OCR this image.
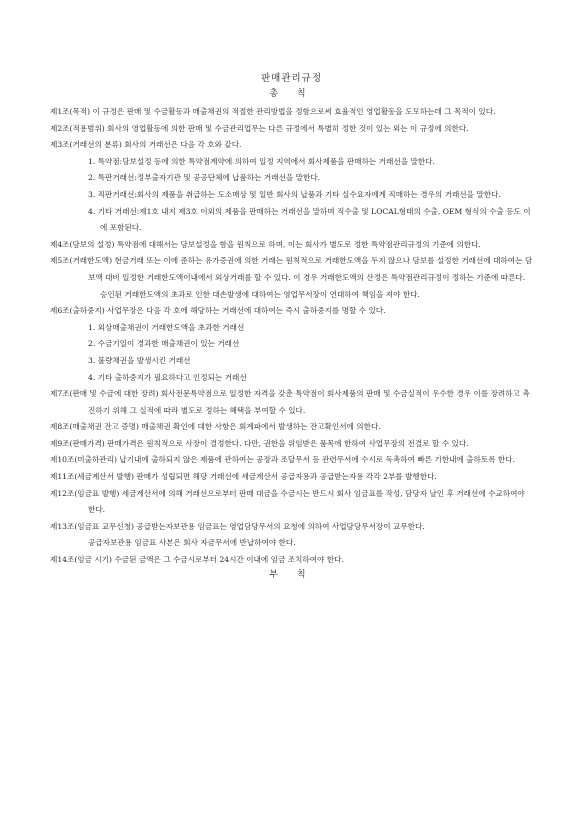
판매관리규정
총 칙

제1조(목적) 이 규정은 판매 및 수금활동과 매출채권의 적절한 관리방법을 정함으로써 효율적인 영업활동을 도모하는데 그 목적이 있다.

제2조(적용범위) 회사의 영업활동에 의한 판매 및 수금관리업무는 다른 규정에서 특별히 정한 것이 있는 외는 이 규정에 의한다.

제3조(거래선의 분류) 회사의 거래선은 다음 각 호와 같다.

1. 특약점:담보설정 등에 의한 특약점계약에 의하여 일정 지역에서 회사제품을 판매하는 거래선을 말한다.

2. 특판거래선:정부출자기관 및 공공단체에 납품하는 거래선을 말한다.

3. 직판거래선:회사의 제품을 취급하는 도소매상 및 일반 회사의 납품과 기타 실수요자에게 직매하는 경우의 거래선을 말한다.

4. 기타 거래선:제1호 내지 제3호 이외의 제품을 판매하는 거래선을 말하며 직수출 및 LOCAL형태의 수출, OEM 형식의 수출 등도 이에 포함된다.

제4조(담보의 설정) 특약점에 대해서는 담보설정을 함을 원칙으로 하며, 이는 회사가 별도로 정한 특약점관리규정의 기준에 의한다.

제5조(거래한도액) 현금거래 또는 이에 준하는 유가증권에 의한 거래는 원칙적으로 거래한도액을 두지 않으나 담보를 설정한 거래선에 대하여는 담보액 대비 일정한 거래한도액이내에서 외상거래를 할 수 있다. 이 경우 거래한도액의 산정은 특약점관리규정이 정하는 기준에 따른다.

승인된 거래한도액의 초과로 인한 대손발생에 대하여는 영업무서장이 연대하여 책임을 져야 한다.

제6조(출하중지) 사업무장은 다음 각 호에 해당하는 거래선에 대하여는 즉시 출하중지를 명할 수 있다.

1. 외상매출채권이 거래한도액을 초과한 거래선

2. 수금기일이 경과한 매출채권이 있는 거래선

3. 불량채권을 발생시킨 거래선

4. 기타 출하중지가 필요하다고 인정되는 거래선

제7조(판매 및 수금에 대한 장려) 회사전문특약점으로 일정한 자격을 갖춘 특약점이 회사제품의 판매 및 수금실적이 우수한 경우 이를 장려하고 촉진하기 위해 그 실적에 따라 별도로 정하는 혜택을 부여할 수 있다.

제8조(매출채권 잔고 증명) 매출채권 확인에 대한 사항은 회계파에서 발생하는 잔고확인서에 의한다.

제9조(판매가격) 판매가격은 원칙적으로 사장이 결정한다. 다만, 권한을 위임받은 품목에 한하여 사업무장의 전결로 할 수 있다.

제10조(미출하관리) 납기내에 출하되지 않은 제품에 관하여는 공장과 조달무서 등 관련무서에 수시로 독촉하여 빠른 기한내에 출하토록 한다.

제11조(세금계산서 발행) 판매가 성립되면 해당 거래선에 세금계산서 공급자용과 공급받는자용 각각 2부를 발행한다.

제12조(임금표 발행) 세금계산서에 의해 거래선으로부터 판매 대금을 수금시는 반드시 회사 임금표를 작성, 담당자 날인 후 거래선에 수교하여야 한다.

제13조(임금표 교무신청) 공급받는자보관용 임금표는 영업담당무서의 요청에 의하여 사업담당무서장이 교무한다.

공급자보관용 임금표 사본은 회사 자금무서에 반납하여야 한다.

제14조(임금 시기) 수금된 금액은 그 수금시로부터 24시간 이내에 임금 조치하여야 한다.

부 칙
